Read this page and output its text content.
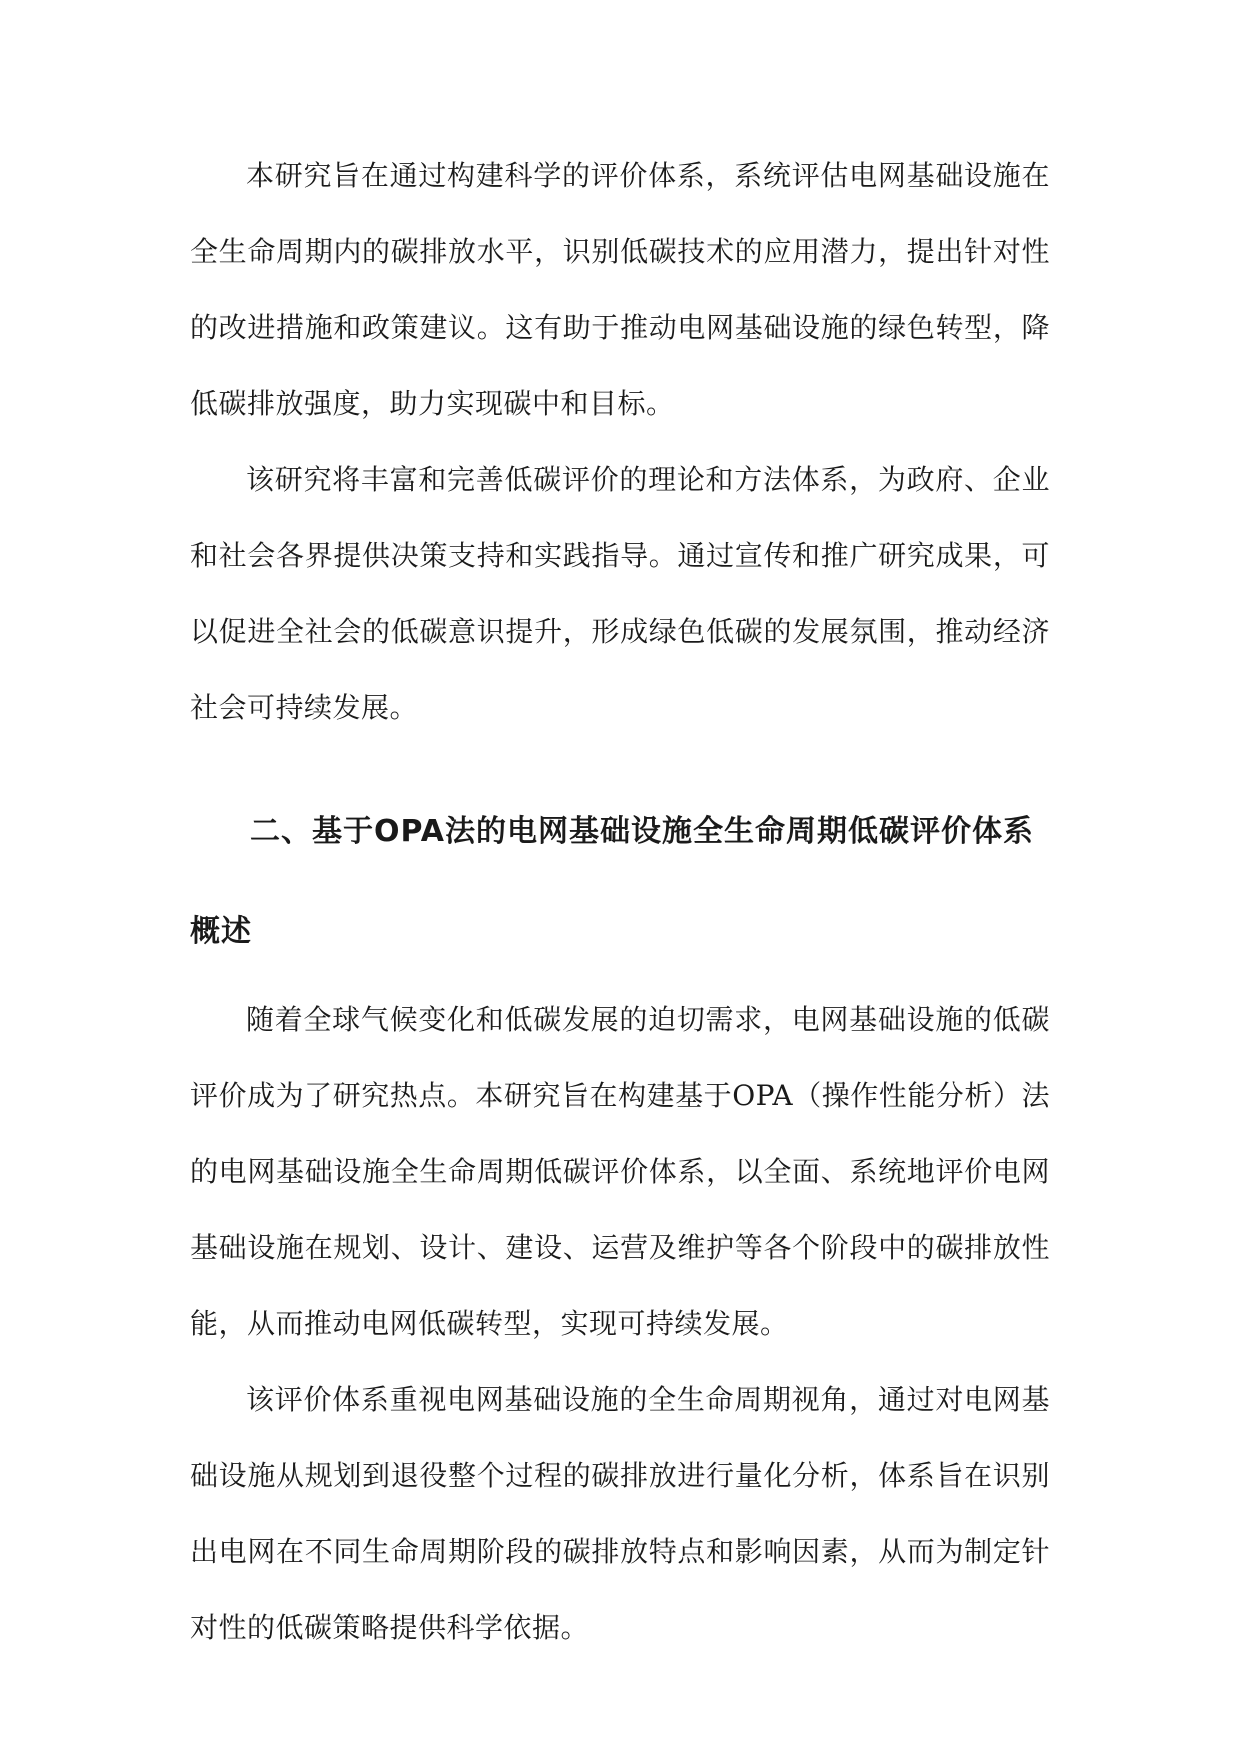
本研究旨在通过构建科学的评价体系，系统评估电网基础设施在全生命周期内的碳排放水平，识别低碳技术的应用潜力，提出针对性的改进措施和政策建议。这有助于推动电网基础设施的绿色转型，降低碳排放强度，助力实现碳中和目标。

该研究将丰富和完善低碳评价的理论和方法体系，为政府、企业和社会各界提供决策支持和实践指导。通过宣传和推广研究成果，可以促进全社会的低碳意识提升，形成绿色低碳的发展氛围，推动经济社会可持续发展。

二、基于OPA法的电网基础设施全生命周期低碳评价体系概述

随着全球气候变化和低碳发展的迫切需求，电网基础设施的低碳评价成为了研究热点。本研究旨在构建基于OPA（操作性能分析）法的电网基础设施全生命周期低碳评价体系，以全面、系统地评价电网基础设施在规划、设计、建设、运营及维护等各个阶段中的碳排放性能，从而推动电网低碳转型，实现可持续发展。

该评价体系重视电网基础设施的全生命周期视角，通过对电网基础设施从规划到退役整个过程的碳排放进行量化分析，体系旨在识别出电网在不同生命周期阶段的碳排放特点和影响因素，从而为制定针对性的低碳策略提供科学依据。
